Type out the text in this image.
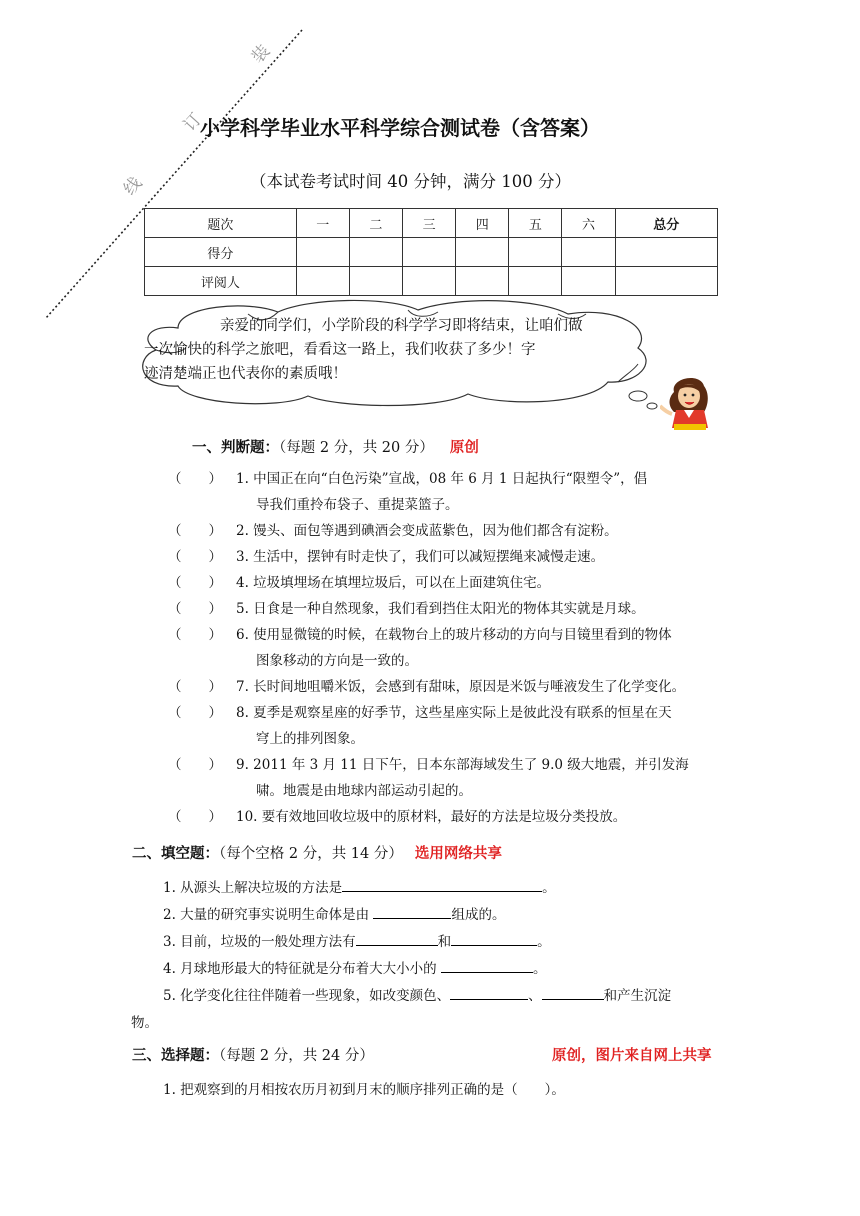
装
订
线
小学科学毕业水平科学综合测试卷（含答案）
（本试卷考试时间 40 分钟，满分 100 分）
题次	一	二	三	四	五	六	总分
得分							
评阅人							
亲爱的同学们，小学阶段的科学学习即将结束，让咱们做
一次愉快的科学之旅吧，看看这一路上，我们收获了多少！字
迹清楚端正也代表你的素质哦！
一、判断题：（每题 2 分，共 20 分） 原创
（　　） 1. 中国正在向“白色污染”宣战，08 年 6 月 1 日起执行“限塑令”，倡
导我们重拎布袋子、重提菜篮子。
（　　） 2. 馒头、面包等遇到碘酒会变成蓝紫色，因为他们都含有淀粉。
（　　） 3. 生活中，摆钟有时走快了，我们可以减短摆绳来减慢走速。
（　　） 4. 垃圾填埋场在填埋垃圾后，可以在上面建筑住宅。
（　　） 5. 日食是一种自然现象，我们看到挡住太阳光的物体其实就是月球。
（　　） 6. 使用显微镜的时候，在载物台上的玻片移动的方向与目镜里看到的物体
图象移动的方向是一致的。
（　　） 7. 长时间地咀嚼米饭，会感到有甜味，原因是米饭与唾液发生了化学变化。
（　　） 8. 夏季是观察星座的好季节，这些星座实际上是彼此没有联系的恒星在天
穹上的排列图象。
（　　） 9. 2011 年 3 月 11 日下午，日本东部海域发生了 9.0 级大地震，并引发海
啸。地震是由地球内部运动引起的。
（　　） 10. 要有效地回收垃圾中的原材料，最好的方法是垃圾分类投放。
二、填空题：（每个空格 2 分，共 14 分） 选用网络共享
1. 从源头上解决垃圾的方法是	。
2. 大量的研究事实说明生命体是由	组成的。
3. 目前，垃圾的一般处理方法有	和	。
4. 月球地形最大的特征就是分布着大大小小的	。
5. 化学变化往往伴随着一些现象，如改变颜色、	、	和产生沉淀
物。
三、选择题：（每题 2 分，共 24 分）	原创，图片来自网上共享
1. 把观察到的月相按农历月初到月末的顺序排列正确的是（　　）。
